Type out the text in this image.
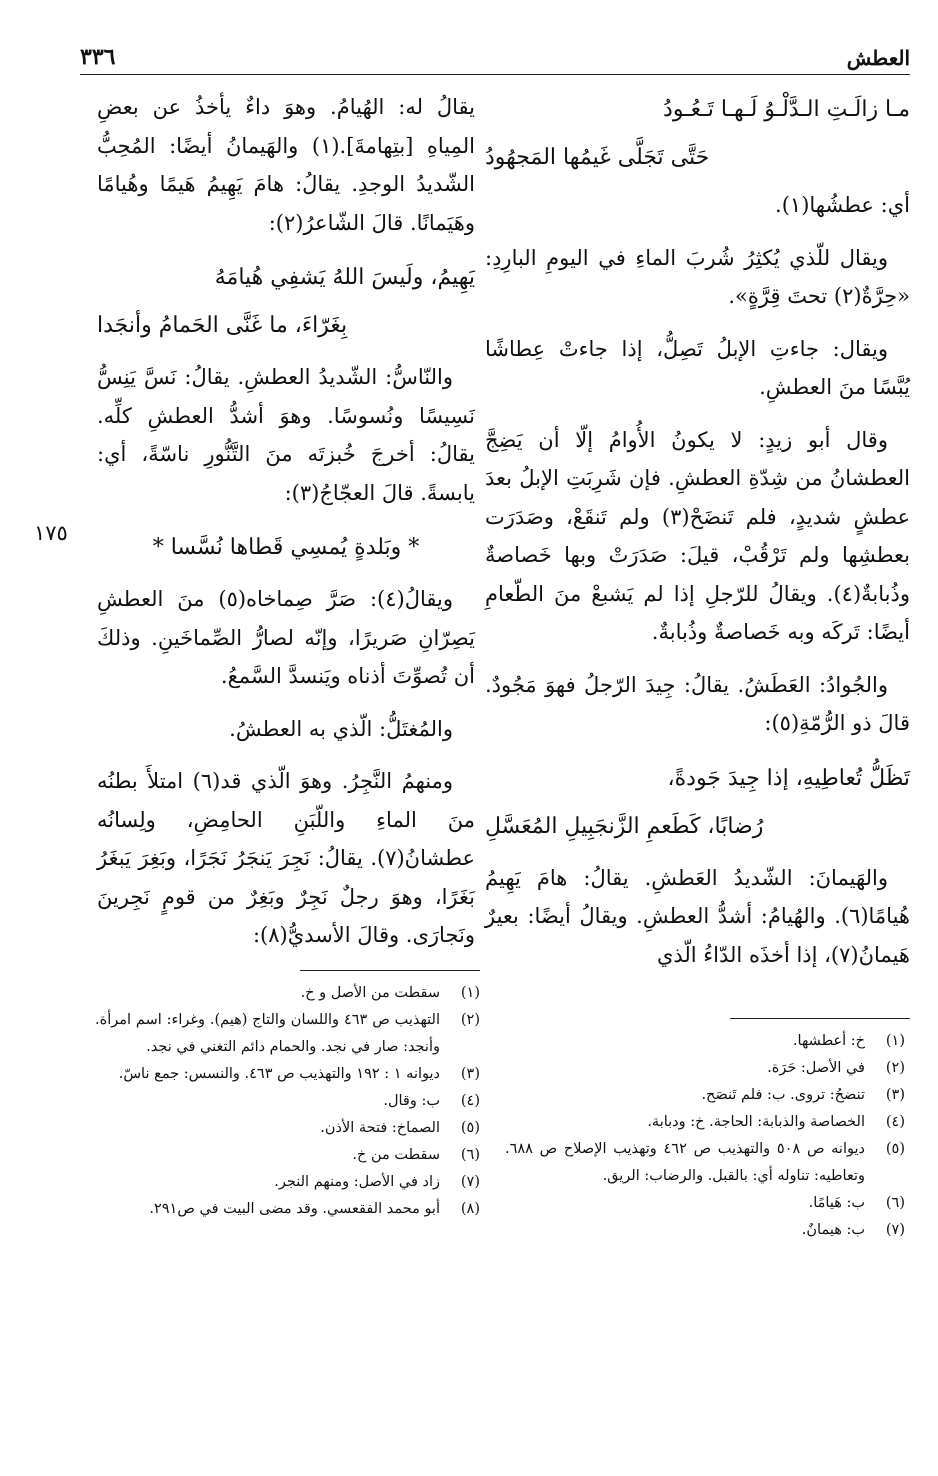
العطش
٣٣٦
١٧٥
مـا زالَـتِ الـدَّلْـوُ لَـهـا تَـعُـودُ
حَتَّى تَجَلَّى غَيمُها المَجهُودُ

أي: عطشُها(١).

ويقال للّذي يُكثِرُ شُربَ الماءِ في اليومِ البارِدِ: «حِرَّةٌ(٢) تحتَ قِرَّةٍ».

ويقال: جاءتِ الإبلُ تَصِلُّ، إذا جاءتْ عِطاشًا يُبَّسًا منَ العطشِ.

وقال أبو زيدٍ: لا يكونُ الأُوامُ إلّا أن يَضِجَّ العطشانُ من شِدّةِ العطشِ. فإن شَرِبَتِ الإبلُ بعدَ عطشٍ شديدٍ، فلم تَنضَحْ(٣) ولم تَنقَعْ، وصَدَرَت بعطشِها ولم تَرْقُبْ، قيلَ: صَدَرَتْ وبها خَصاصةٌ وذُبابةٌ(٤). ويقالُ للرّجلِ إذا لم يَشبعْ منَ الطّعامِ أيضًا: تَركَه وبه خَصاصةٌ وذُبابةٌ.

والجُوادُ: العَطَشُ. يقالُ: جِيدَ الرّجلُ فهوَ مَجُودٌ. قالَ ذو الرُّمّةِ(٥):

تَظَلُّ تُعاطِيهِ، إذا جِيدَ جَودةً،
رُضابًا، كَطَعمِ الزَّنجَبِيلِ المُعَسَّلِ

والهَيمانَ: الشّديدُ العَطشِ. يقالُ: هامَ يَهِيمُ هُيامًا(٦). والهُيامُ: أشدُّ العطشِ. ويقالُ أيضًا: بعيرٌ هَيمانُ(٧)، إذا أخذَه الدّاءُ الّذي

يقالُ له: الهُيامُ. وهوَ داءٌ يأخذُ عن بعضِ المِياهِ [بتِهامةَ].(١) والهَيمانُ أيضًا: المُحِبُّ الشّديدُ الوجدِ. يقالُ: هامَ يَهِيمُ هَيمًا وهُيامًا وهَيَمانًا. قالَ الشّاعرُ(٢):

يَهِيمُ، ولَيسَ اللهُ يَشفِي هُيامَهُ
بِغَرّاءَ، ما غَنَّى الحَمامُ وأنجَدا

والنّاسُّ: الشّديدُ العطشِ. يقالُ: نَسَّ يَنِسُّ نَسِيسًا ونُسوسًا. وهوَ أشدُّ العطشِ كلِّه. يقالُ: أخرجَ خُبزتَه منَ التَّنُّورِ ناسّةً، أي: يابسةً. قالَ العجّاجُ(٣):

* وبَلدةٍ يُمسِي قَطاها نُسَّسا *

ويقالُ(٤): صَرَّ صِماخاه(٥) منَ العطشِ يَصِرّانِ صَريرًا، وإنّه لصارُّ الصِّماخَينِ. وذلكَ أن تُصوِّتَ أذناه ويَنسدَّ السَّمعُ.

والمُغتَلُّ: الّذي به العطشُ.

ومنهمُ النَّجِرُ. وهوَ الّذي قد(٦) امتلأَ بطنُه منَ الماءِ واللّبَنِ الحامِضِ، ولِسانُه عطشانُ(٧). يقالُ: نَجِرَ يَنجَرُ نَجَرًا، وبَغِرَ يَبغَرُ بَغَرًا، وهوَ رجلٌ نَجِرٌ وبَغِرٌ من قومٍ نَجِرينَ ونَجارَى. وقالَ الأسديُّ(٨):

(١)
خ: أعطشها.
(٢)
في الأصل: حَرَة.
(٣)
تنضحُ: تروى. ب: فلم تَنصَح.
(٤)
الخصاصة والذبابة: الحاجة. خ: ودبابة.
(٥)
ديوانه ص ٥٠٨ والتهذيب ص ٤٦٢ وتهذيب الإصلاح ص ٦٨٨. وتعاطيه: تناوله أي: بالقبل. والرضاب: الريق.
(٦)
ب: هَيامًا.
(٧)
ب: هيمانٌ.
(١)
سقطت من الأصل و خ.
(٢)
التهذيب ص ٤٦٣ واللسان والتاج (هيم). وغراء: اسم امرأة. وأنجد: صار في نجد. والحمام دائم التغني في نجد.
(٣)
ديوانه ١ : ١٩٢ والتهذيب ص ٤٦٣. والنسس: جمع ناسّ.
(٤)
ب: وقال.
(٥)
الصماخ: فتحة الأذن.
(٦)
سقطت من خ.
(٧)
زاد في الأصل: ومنهم النجر.
(٨)
أبو محمد الفقعسي. وقد مضى البيت في ص٢٩١.
